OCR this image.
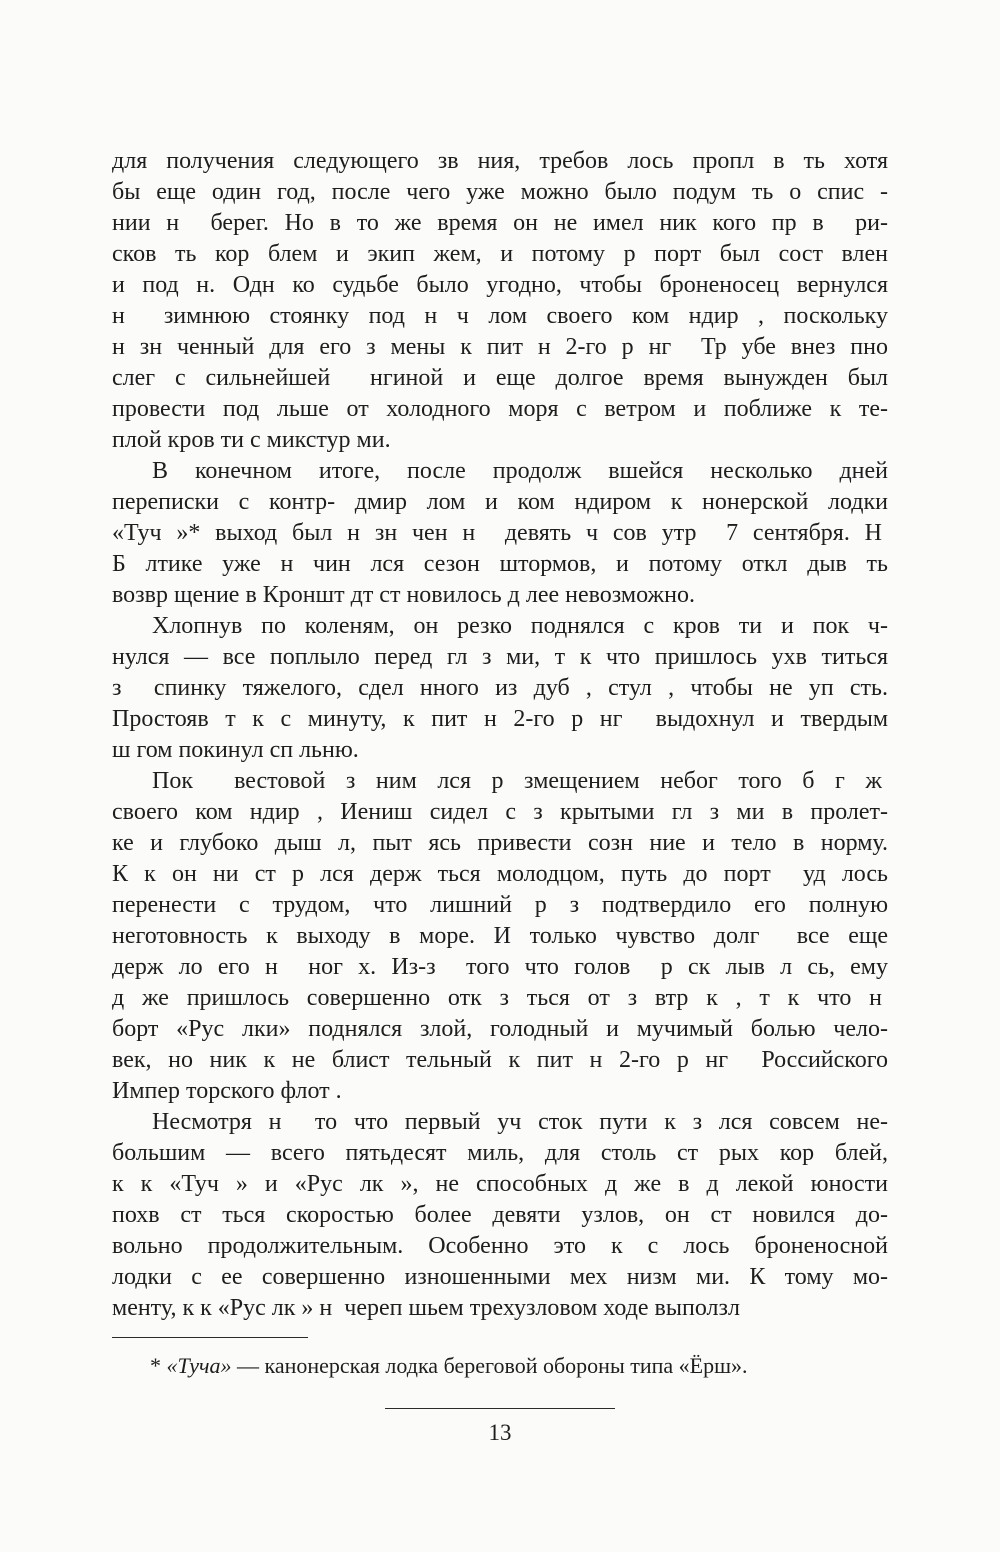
для получения следующего зв ния, требов лось пропл в ть хотя
бы еще один год, после чего уже можно было подум ть о спис -
нии н  берег. Но в то же время он не имел ник кого пр в  ри-
сков ть кор блем и экип жем, и потому р порт был сост влен
и под н. Одн ко судьбе было угодно, чтобы броненосец вернулся
н  зимнюю стоянку под н ч лом своего ком ндир , поскольку
н зн ченный для его з мены к пит н 2-го р нг  Тр убе внез пно
слег с сильнейшей  нгиной и еще долгое время вынужден был
провести под льше от холодного моря с ветром и поближе к те-
плой кров ти с микстур ми.
В конечном итоге, после продолж вшейся несколько дней
переписки с контр- дмир лом и ком ндиром к нонерской лодки
«Туч »* выход был н зн чен н  девять ч сов утр  7 сентября. Н
Б лтике уже н чин лся сезон штормов, и потому откл дыв ть
возвр щение в Кроншт дт ст новилось д лее невозможно.
Хлопнув по коленям, он резко поднялся с кров ти и пок ч-
нулся — все поплыло перед гл з ми, т к что пришлось ухв титься
з  спинку тяжелого, сдел нного из дуб , стул , чтобы не уп сть.
Простояв т к с минуту, к пит н 2-го р нг  выдохнул и твердым
ш гом покинул сп льню.
Пок  вестовой з ним лся р змещением небог того б г ж
своего ком ндир , Иениш сидел с з крытыми гл з ми в пролет-
ке и глубоко дыш л, пыт ясь привести созн ние и тело в норму.
К к он ни ст р лся держ ться молодцом, путь до порт  уд лось
перенести с трудом, что лишний р з подтвердило его полную
неготовность к выходу в море. И только чувство долг  все еще
держ ло его н  ног х. Из-з  того что голов  р ск лыв л сь, ему
д же пришлось совершенно отк з ться от з втр к , т к что н
борт «Рус лки» поднялся злой, голодный и мучимый болью чело-
век, но ник к не блист тельный к пит н 2-го р нг  Российского
Импер торского флот .
Несмотря н  то что первый уч сток пути к з лся совсем не-
большим — всего пятьдесят миль, для столь ст рых кор блей,
к к «Туч » и «Рус лк », не способных д же в д лекой юности
похв ст ться скоростью более девяти узлов, он ст новился до-
вольно продолжительным. Особенно это к с лось броненосной
лодки с ее совершенно изношенными мех низм ми. К тому мо-
менту, к к «Рус лк » н  череп шьем трехузловом ходе выползл
* «Туча» — канонерская лодка береговой обороны типа «Ёрш».
13
